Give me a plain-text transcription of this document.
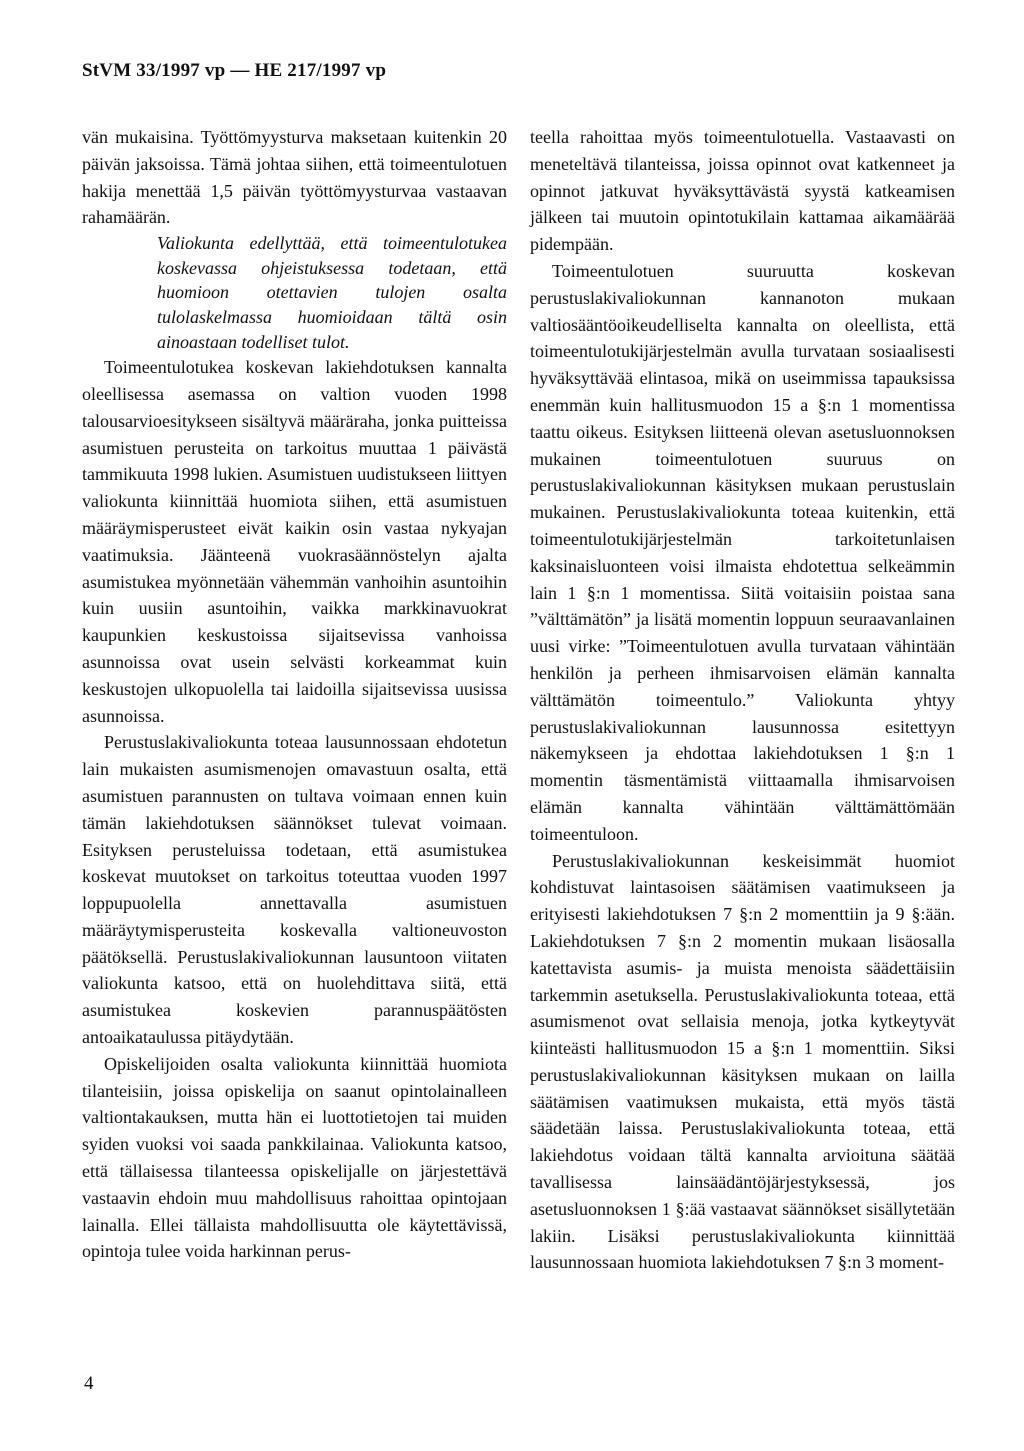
StVM 33/1997 vp — HE 217/1997 vp

vän mukaisina. Työttömyysturva maksetaan kuitenkin 20 päivän jaksoissa. Tämä johtaa siihen, että toimeentulotuen hakija menettää 1,5 päivän työttömyysturvaa vastaavan rahamäärän.

Valiokunta edellyttää, että toimeentulotukea koskevassa ohjeistuksessa todetaan, että huomioon otettavien tulojen osalta tulolaskelmassa huomioidaan tältä osin ainoastaan todelliset tulot.

Toimeentulotukea koskevan lakiehdotuksen kannalta oleellisessa asemassa on valtion vuoden 1998 talousarvioesitykseen sisältyvä määräraha, jonka puitteissa asumistuen perusteita on tarkoitus muuttaa 1 päivästä tammikuuta 1998 lukien. Asumistuen uudistukseen liittyen valiokunta kiinnittää huomiota siihen, että asumistuen määräymisperusteet eivät kaikin osin vastaa nykyajan vaatimuksia. Jäänteenä vuokrasäännöstelyn ajalta asumistukea myönnetään vähemmän vanhoihin asuntoihin kuin uusiin asuntoihin, vaikka markkinavuokrat kaupunkien keskustoissa sijaitsevissa vanhoissa asunnoissa ovat usein selvästi korkeammat kuin keskustojen ulkopuolella tai laidoilla sijaitsevissa uusissa asunnoissa.

Perustuslakivaliokunta toteaa lausunnossaan ehdotetun lain mukaisten asumismenojen omavastuun osalta, että asumistuen parannusten on tultava voimaan ennen kuin tämän lakiehdotuksen säännökset tulevat voimaan. Esityksen perusteluissa todetaan, että asumistukea koskevat muutokset on tarkoitus toteuttaa vuoden 1997 loppupuolella annettavalla asumistuen määräytymisperusteita koskevalla valtioneuvoston päätöksellä. Perustuslakivaliokunnan lausuntoon viitaten valiokunta katsoo, että on huolehdittava siitä, että asumistukea koskevien parannuspäätösten antoaikataulussa pitäydytään.

Opiskelijoiden osalta valiokunta kiinnittää huomiota tilanteisiin, joissa opiskelija on saanut opintolainalleen valtiontakauksen, mutta hän ei luottotietojen tai muiden syiden vuoksi voi saada pankkilainaa. Valiokunta katsoo, että tällaisessa tilanteessa opiskelijalle on järjestettävä vastaavin ehdoin muu mahdollisuus rahoittaa opintojaan lainalla. Ellei tällaista mahdollisuutta ole käytettävissä, opintoja tulee voida harkinnan perus-

teella rahoittaa myös toimeentulotuella. Vastaavasti on meneteltävä tilanteissa, joissa opinnot ovat katkenneet ja opinnot jatkuvat hyväksyttävästä syystä katkeamisen jälkeen tai muutoin opintotukilain kattamaa aikamäärää pidempään.

Toimeentulotuen suuruutta koskevan perustuslakivaliokunnan kannanoton mukaan valtiosääntöoikeudelliselta kannalta on oleellista, että toimeentulotukijärjestelmän avulla turvataan sosiaalisesti hyväksyttävää elintasoa, mikä on useimmissa tapauksissa enemmän kuin hallitusmuodon 15 a §:n 1 momentissa taattu oikeus. Esityksen liitteenä olevan asetusluonnoksen mukainen toimeentulotuen suuruus on perustuslakivaliokunnan käsityksen mukaan perustuslain mukainen. Perustuslakivaliokunta toteaa kuitenkin, että toimeentulotukijärjestelmän tarkoitetunlaisen kaksinaisluonteen voisi ilmaista ehdotettua selkeämmin lain 1 §:n 1 momentissa. Siitä voitaisiin poistaa sana ”välttämätön” ja lisätä momentin loppuun seuraavanlainen uusi virke: ”Toimeentulotuen avulla turvataan vähintään henkilön ja perheen ihmisarvoisen elämän kannalta välttämätön toimeentulo.” Valiokunta yhtyy perustuslakivaliokunnan lausunnossa esitettyyn näkemykseen ja ehdottaa lakiehdotuksen 1 §:n 1 momentin täsmentämistä viittaamalla ihmisarvoisen elämän kannalta vähintään välttämättömään toimeentuloon.

Perustuslakivaliokunnan keskeisimmät huomiot kohdistuvat laintasoisen säätämisen vaatimukseen ja erityisesti lakiehdotuksen 7 §:n 2 momenttiin ja 9 §:ään. Lakiehdotuksen 7 §:n 2 momentin mukaan lisäosalla katettavista asumis- ja muista menoista säädettäisiin tarkemmin asetuksella. Perustuslakivaliokunta toteaa, että asumismenot ovat sellaisia menoja, jotka kytkeytyvät kiinteästi hallitusmuodon 15 a §:n 1 momenttiin. Siksi perustuslakivaliokunnan käsityksen mukaan on lailla säätämisen vaatimuksen mukaista, että myös tästä säädetään laissa. Perustuslakivaliokunta toteaa, että lakiehdotus voidaan tältä kannalta arvioituna säätää tavallisessa lainsäädäntöjärjestyksessä, jos asetusluonnoksen 1 §:ää vastaavat säännökset sisällytetään lakiin. Lisäksi perustuslakivaliokunta kiinnittää lausunnossaan huomiota lakiehdotuksen 7 §:n 3 moment-

4
